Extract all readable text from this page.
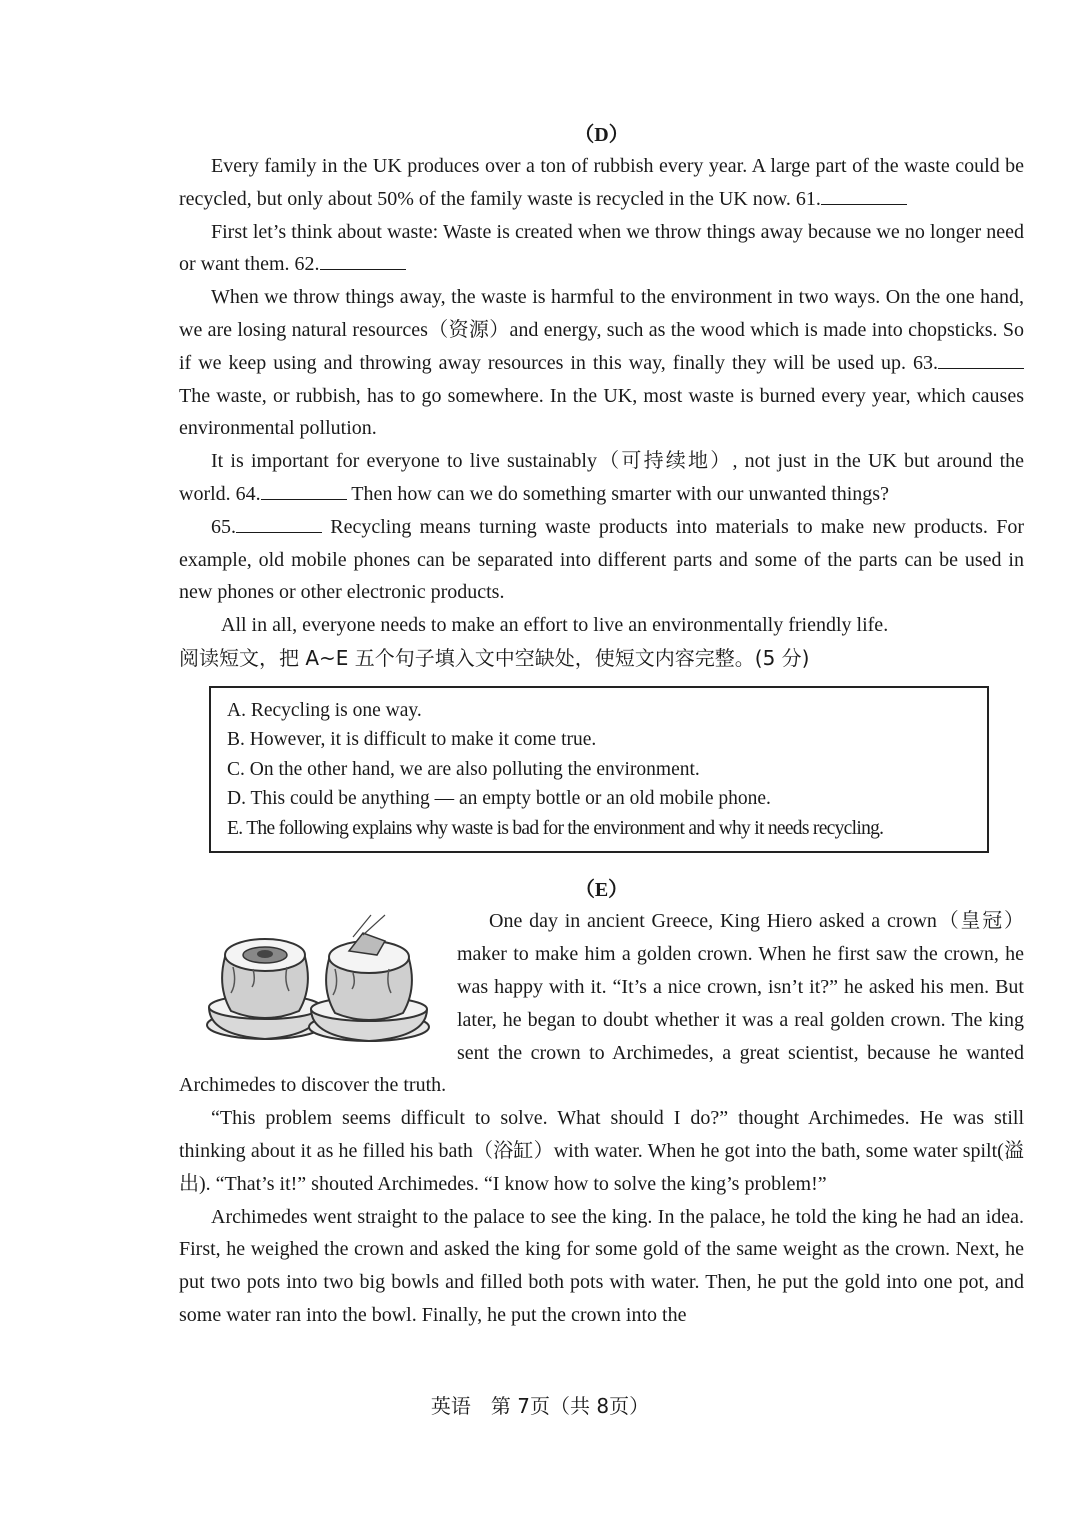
（D）

Every family in the UK produces over a ton of rubbish every year. A large part of the waste could be recycled, but only about 50% of the family waste is recycled in the UK now. 61.

First let’s think about waste: Waste is created when we throw things away because we no longer need or want them. 62.

When we throw things away, the waste is harmful to the environment in two ways. On the one hand, we are losing natural resources（资源）and energy, such as the wood which is made into chopsticks. So if we keep using and throwing away resources in this way, finally they will be used up. 63. The waste, or rubbish, has to go somewhere. In the UK, most waste is burned every year, which causes environmental pollution.

It is important for everyone to live sustainably（可持续地）, not just in the UK but around the world. 64.	Then how can we do something smarter with our unwanted things?

65.	Recycling means turning waste products into materials to make new products. For example, old mobile phones can be separated into different parts and some of the parts can be used in new phones or other electronic products.

All in all, everyone needs to make an effort to live an environmentally friendly life.

阅读短文，把 A~E 五个句子填入文中空缺处，使短文内容完整。(5 分)
A. Recycling is one way.
B. However, it is difficult to make it come true.
C. On the other hand, we are also polluting the environment.
D. This could be anything — an empty bottle or an old mobile phone.
E. The following explains why waste is bad for the environment and why it needs recycling.
（E）

One day in ancient Greece, King Hiero asked a crown（皇冠）maker to make him a golden crown. When he first saw the crown, he was happy with it. “It’s a nice crown, isn’t it?” he asked his men. But later, he began to doubt whether it was a real golden crown. The king sent the crown to Archimedes, a great scientist, because he wanted Archimedes to discover the truth.

“This problem seems difficult to solve. What should I do?” thought Archimedes. He was still thinking about it as he filled his bath（浴缸）with water. When he got into the bath, some water spilt(溢出). “That’s it!” shouted Archimedes. “I know how to solve the king’s problem!”

Archimedes went straight to the palace to see the king. In the palace, he told the king he had an idea. First, he weighed the crown and asked the king for some gold of the same weight as the crown. Next, he put two pots into two big bowls and filled both pots with water. Then, he put the gold into one pot, and some water ran into the bowl. Finally, he put the crown into the

英语　第 7页（共 8页）
